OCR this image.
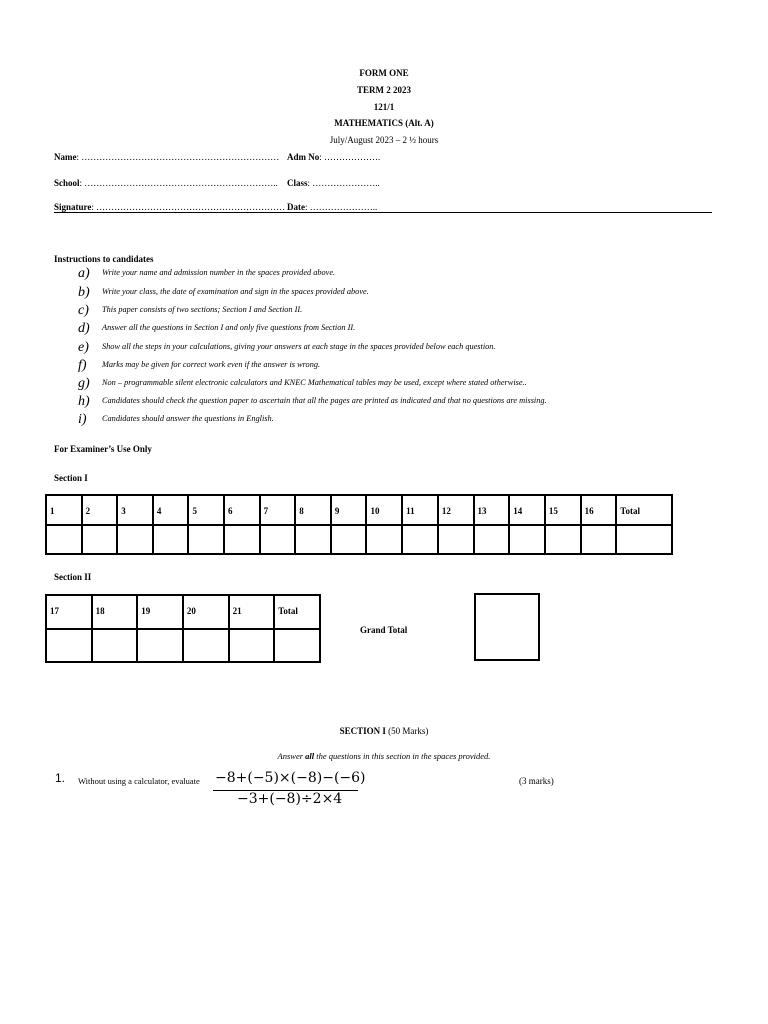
FORM ONE
TERM 2 2023
121/1
MATHEMATICS (Alt. A)
July/August 2023 – 2 ½ hours
Name: ………………………………………………………… Adm No: ……………….
School: ……………………………………………………….. Class: …………………..
Signature: ……………………………………………………… Date: …………………..
Instructions to candidates
a) Write your name and admission number in the spaces provided above.
b) Write your class, the date of examination and sign in the spaces provided above.
c) This paper consists of two sections; Section I and Section II.
d) Answer all the questions in Section I and only five questions from Section II.
e) Show all the steps in your calculations, giving your answers at each stage in the spaces provided below each question.
f) Marks may be given for correct work even if the answer is wrong.
g) Non – programmable silent electronic calculators and KNEC Mathematical tables may be used, except where stated otherwise..
h) Candidates should check the question paper to ascertain that all the pages are printed as indicated and that no questions are missing.
i) Candidates should answer the questions in English.
For Examiner’s Use Only
Section I
1	2	3	4	5	6	7	8	9	10	11	12	13	14	15	16	Total

Section II
17	18	19	20	21	Total

Grand Total
SECTION I (50 Marks)
Answer all the questions in this section in the spaces provided.
1. Without using a calculator, evaluate −8+(−5)×(−8)−(−6)
−3+(−8)÷2×4
(3 marks)
